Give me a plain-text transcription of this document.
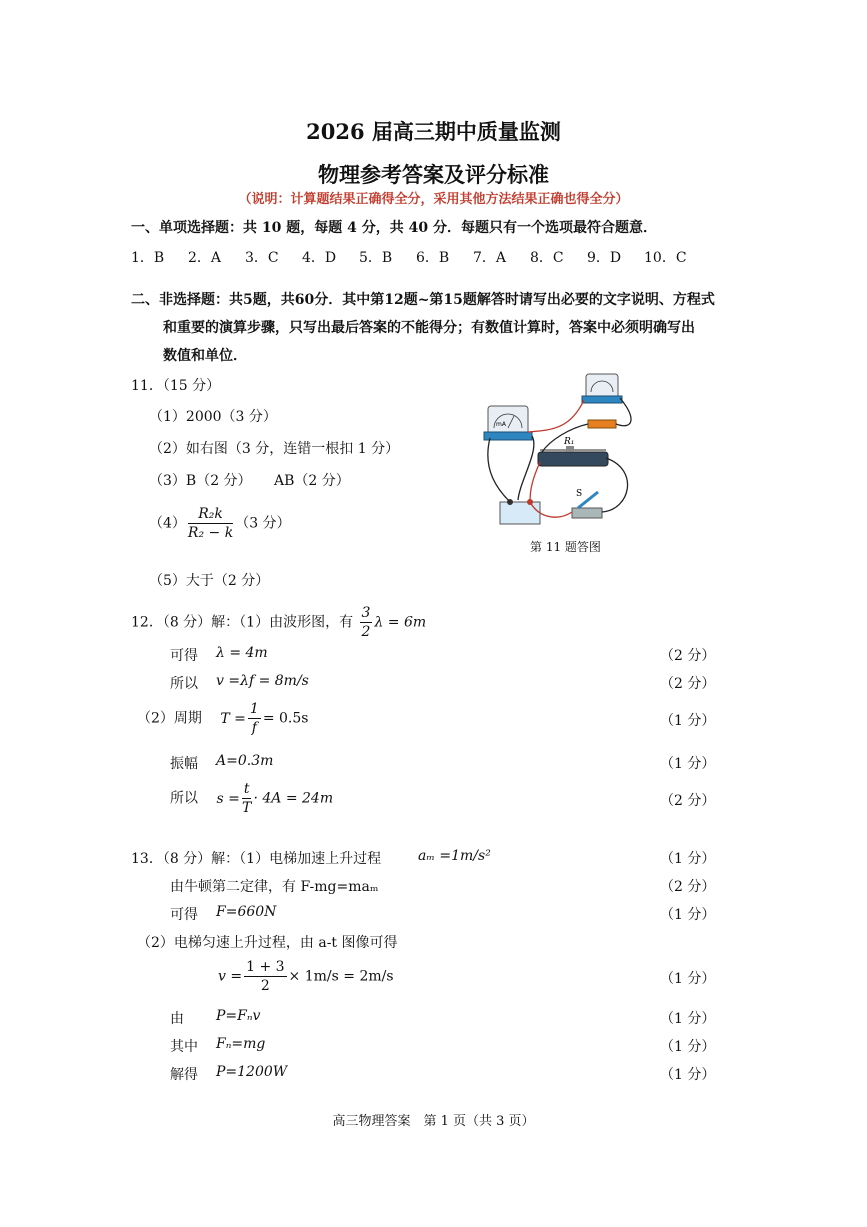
2026 届高三期中质量监测
物理参考答案及评分标准
（说明：计算题结果正确得全分，采用其他方法结果正确也得全分）
一、单项选择题：共 10 题，每题 4 分，共 40 分．每题只有一个选项最符合题意．
1．B 2．A 3．C 4．D 5．B 6．B 7．A 8．C 9．D 10．C
二、非选择题：共5题，共60分．其中第12题~第15题解答时请写出必要的文字说明、方程式
和重要的演算步骤，只写出最后答案的不能得分；有数值计算时，答案中必须明确写出
数值和单位．
11．（15 分）
（1）2000（3 分）
（2）如右图（3 分，连错一根扣 1 分）
（3）B（2 分） AB（2 分）
$(4) \frac{\text{R₂k}}{\text{R₂ − k}} (3$ 分）
（5）大于（2 分）
mA
R₁
S
第 11 题答图
12．（8 分）解：（1）由波形图，有 $\frac{3}{2}$ λ = 6m
可得 λ = 4m	（2 分）
所以 v =λf = 8m/s	（2 分）
（2）周期 $T = \frac{1}{f} = 0.5s$	（1 分）
振幅 A=0.3m	（1 分）
所以 $s = \frac{t}{T} \cdot 4A = 24m$	（2 分）
13．（8 分）解：（1）电梯加速上升过程	aₘ =1m/s²	（1 分）
由牛顿第二定律，有 F-mg=maₘ	（2 分）
可得 F=660N	（1 分）
（2）电梯匀速上升过程，由 a-t 图像可得
$v = \frac{1 + 3}{2} \times 1m/s = 2m/s$	（1 分）
由 P=Fₙv	（1 分）
其中 Fₙ=mg	（1 分）
解得 P=1200W	（1 分）
高三物理答案　第 1 页（共 3 页）
